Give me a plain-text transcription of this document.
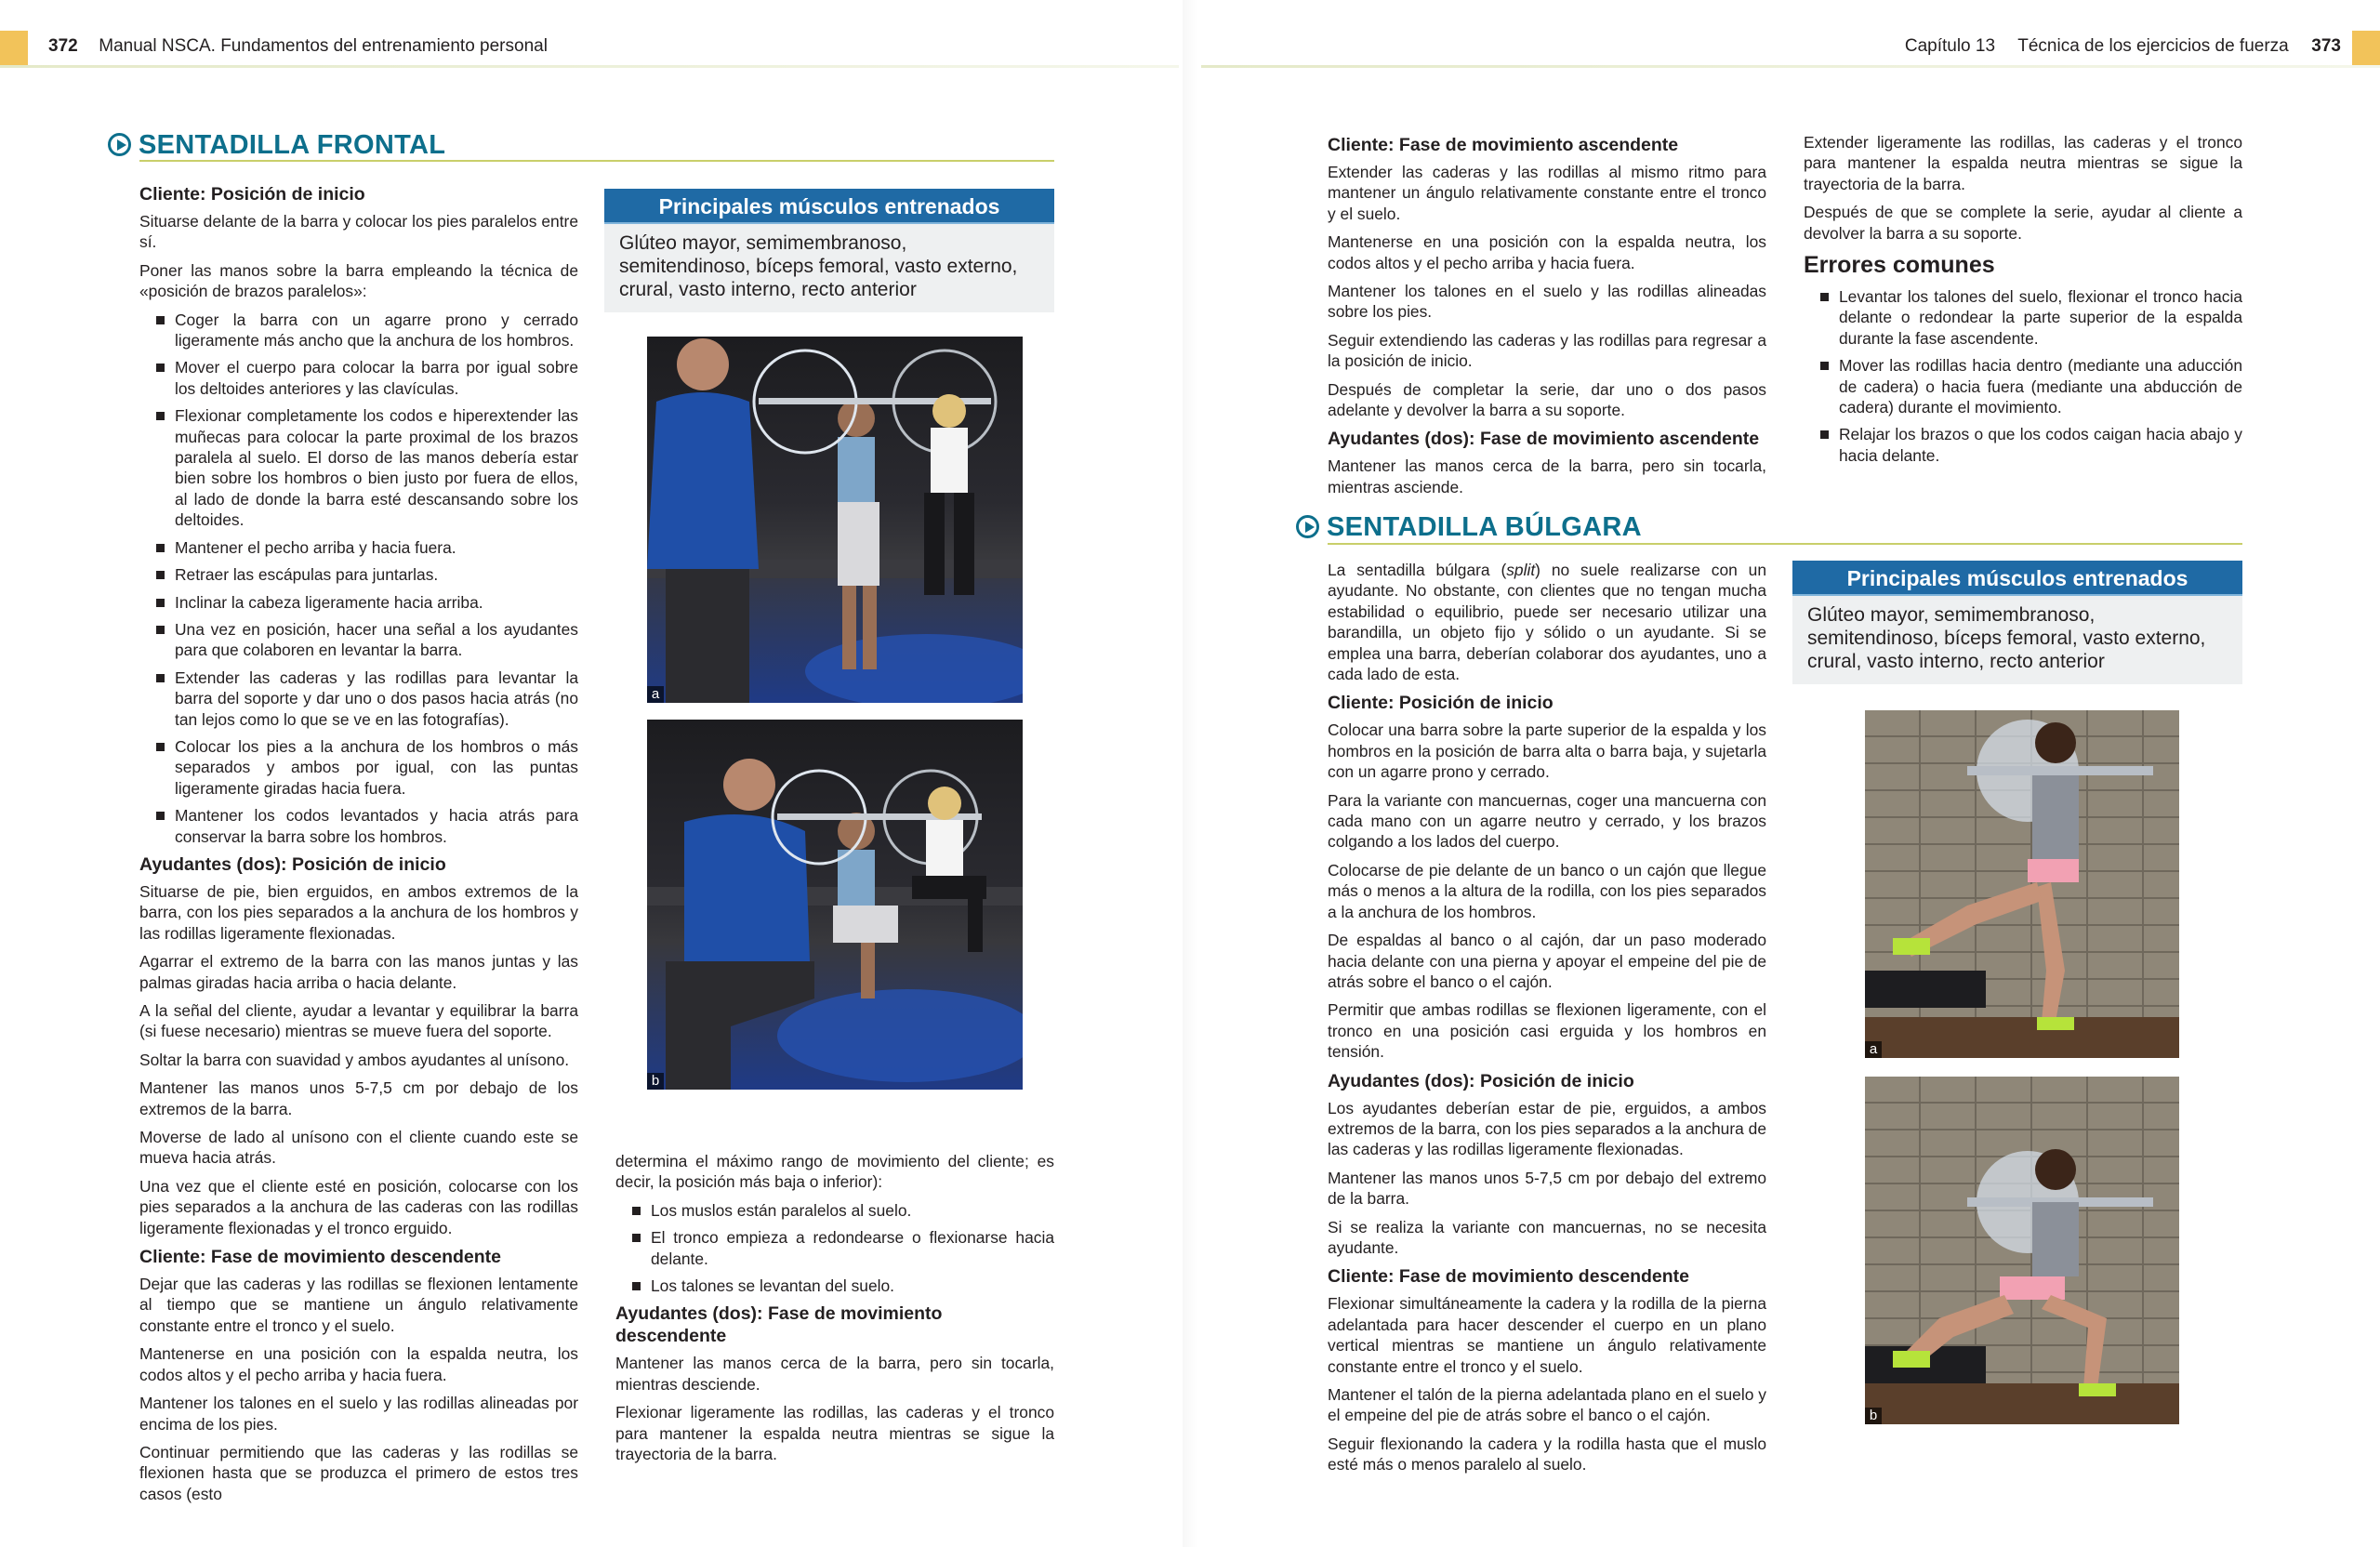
372 Manual NSCA. Fundamentos del entrenamiento personal	Capítulo 13 Técnica de los ejercicios de fuerza 373
SENTADILLA FRONTAL
Cliente: Posición de inicio

Situarse delante de la barra y colocar los pies paralelos entre sí.

Poner las manos sobre la barra empleando la técnica de «posición de brazos paralelos»:

Coger la barra con un agarre prono y cerrado ligeramente más ancho que la anchura de los hombros.
Mover el cuerpo para colocar la barra por igual sobre los deltoides anteriores y las clavículas.
Flexionar completamente los codos e hiperextender las muñecas para colocar la parte proximal de los brazos paralela al suelo. El dorso de las manos debería estar bien sobre los hombros o bien justo por fuera de ellos, al lado de donde la barra esté descansando sobre los deltoides.
Mantener el pecho arriba y hacia fuera.
Retraer las escápulas para juntarlas.
Inclinar la cabeza ligeramente hacia arriba.
Una vez en posición, hacer una señal a los ayudantes para que colaboren en levantar la barra.
Extender las caderas y las rodillas para levantar la barra del soporte y dar uno o dos pasos hacia atrás (no tan lejos como lo que se ve en las fotografías).
Colocar los pies a la anchura de los hombros o más separados y ambos por igual, con las puntas ligeramente giradas hacia fuera.
Mantener los codos levantados y hacia atrás para conservar la barra sobre los hombros.
Ayudantes (dos): Posición de inicio

Situarse de pie, bien erguidos, en ambos extremos de la barra, con los pies separados a la anchura de los hombros y las rodillas ligeramente flexionadas.

Agarrar el extremo de la barra con las manos juntas y las palmas giradas hacia arriba o hacia delante.

A la señal del cliente, ayudar a levantar y equilibrar la barra (si fuese necesario) mientras se mueve fuera del soporte.

Soltar la barra con suavidad y ambos ayudantes al unísono.

Mantener las manos unos 5-7,5 cm por debajo de los extremos de la barra.

Moverse de lado al unísono con el cliente cuando este se mueva hacia atrás.

Una vez que el cliente esté en posición, colocarse con los pies separados a la anchura de las caderas con las rodillas ligeramente flexionadas y el tronco erguido.

Cliente: Fase de movimiento descendente

Dejar que las caderas y las rodillas se flexionen lentamente al tiempo que se mantiene un ángulo relativamente constante entre el tronco y el suelo.

Mantenerse en una posición con la espalda neutra, los codos altos y el pecho arriba y hacia fuera.

Mantener los talones en el suelo y las rodillas alineadas por encima de los pies.

Continuar permitiendo que las caderas y las rodillas se flexionen hasta que se produzca el primero de estos tres casos (esto

Principales músculos entrenados
Glúteo mayor, semimembranoso, semitendinoso, bíceps femoral, vasto externo, crural, vasto interno, recto anterior
a
b

determina el máximo rango de movimiento del cliente; es decir, la posición más baja o inferior):

Los muslos están paralelos al suelo.
El tronco empieza a redondearse o flexionarse hacia delante.
Los talones se levantan del suelo.
Ayudantes (dos): Fase de movimiento descendente

Mantener las manos cerca de la barra, pero sin tocarla, mientras desciende.

Flexionar ligeramente las rodillas, las caderas y el tronco para mantener la espalda neutra mientras se sigue la trayectoria de la barra.

Cliente: Fase de movimiento ascendente

Extender las caderas y las rodillas al mismo ritmo para mantener un ángulo relativamente constante entre el tronco y el suelo.

Mantenerse en una posición con la espalda neutra, los codos altos y el pecho arriba y hacia fuera.

Mantener los talones en el suelo y las rodillas alineadas sobre los pies.

Seguir extendiendo las caderas y las rodillas para regresar a la posición de inicio.

Después de completar la serie, dar uno o dos pasos adelante y devolver la barra a su soporte.

Ayudantes (dos): Fase de movimiento ascendente

Mantener las manos cerca de la barra, pero sin tocarla, mientras asciende.

Extender ligeramente las rodillas, las caderas y el tronco para mantener la espalda neutra mientras se sigue la trayectoria de la barra.

Después de que se complete la serie, ayudar al cliente a devolver la barra a su soporte.

Errores comunes
Levantar los talones del suelo, flexionar el tronco hacia delante o redondear la parte superior de la espalda durante la fase ascendente.
Mover las rodillas hacia dentro (mediante una aducción de cadera) o hacia fuera (mediante una abducción de cadera) durante el movimiento.
Relajar los brazos o que los codos caigan hacia abajo y hacia delante.
SENTADILLA BÚLGARA

La sentadilla búlgara (split) no suele realizarse con un ayudante. No obstante, con clientes que no tengan mucha estabilidad o equilibrio, puede ser necesario utilizar una barandilla, un objeto fijo y sólido o un ayudante. Si se emplea una barra, deberían colaborar dos ayudantes, uno a cada lado de esta.

Cliente: Posición de inicio

Colocar una barra sobre la parte superior de la espalda y los hombros en la posición de barra alta o barra baja, y sujetarla con un agarre prono y cerrado.

Para la variante con mancuernas, coger una mancuerna con cada mano con un agarre neutro y cerrado, y los brazos colgando a los lados del cuerpo.

Colocarse de pie delante de un banco o un cajón que llegue más o menos a la altura de la rodilla, con los pies separados a la anchura de los hombros.

De espaldas al banco o al cajón, dar un paso moderado hacia delante con una pierna y apoyar el empeine del pie de atrás sobre el banco o el cajón.

Permitir que ambas rodillas se flexionen ligeramente, con el tronco en una posición casi erguida y los hombros en tensión.

Ayudantes (dos): Posición de inicio

Los ayudantes deberían estar de pie, erguidos, a ambos extremos de la barra, con los pies separados a la anchura de las caderas y las rodillas ligeramente flexionadas.

Mantener las manos unos 5-7,5 cm por debajo del extremo de la barra.

Si se realiza la variante con mancuernas, no se necesita ayudante.

Cliente: Fase de movimiento descendente

Flexionar simultáneamente la cadera y la rodilla de la pierna adelantada para hacer descender el cuerpo en un plano vertical mientras se mantiene un ángulo relativamente constante entre el tronco y el suelo.

Mantener el talón de la pierna adelantada plano en el suelo y el empeine del pie de atrás sobre el banco o el cajón.

Seguir flexionando la cadera y la rodilla hasta que el muslo esté más o menos paralelo al suelo.

Principales músculos entrenados
Glúteo mayor, semimembranoso, semitendinoso, bíceps femoral, vasto externo, crural, vasto interno, recto anterior
a
b
